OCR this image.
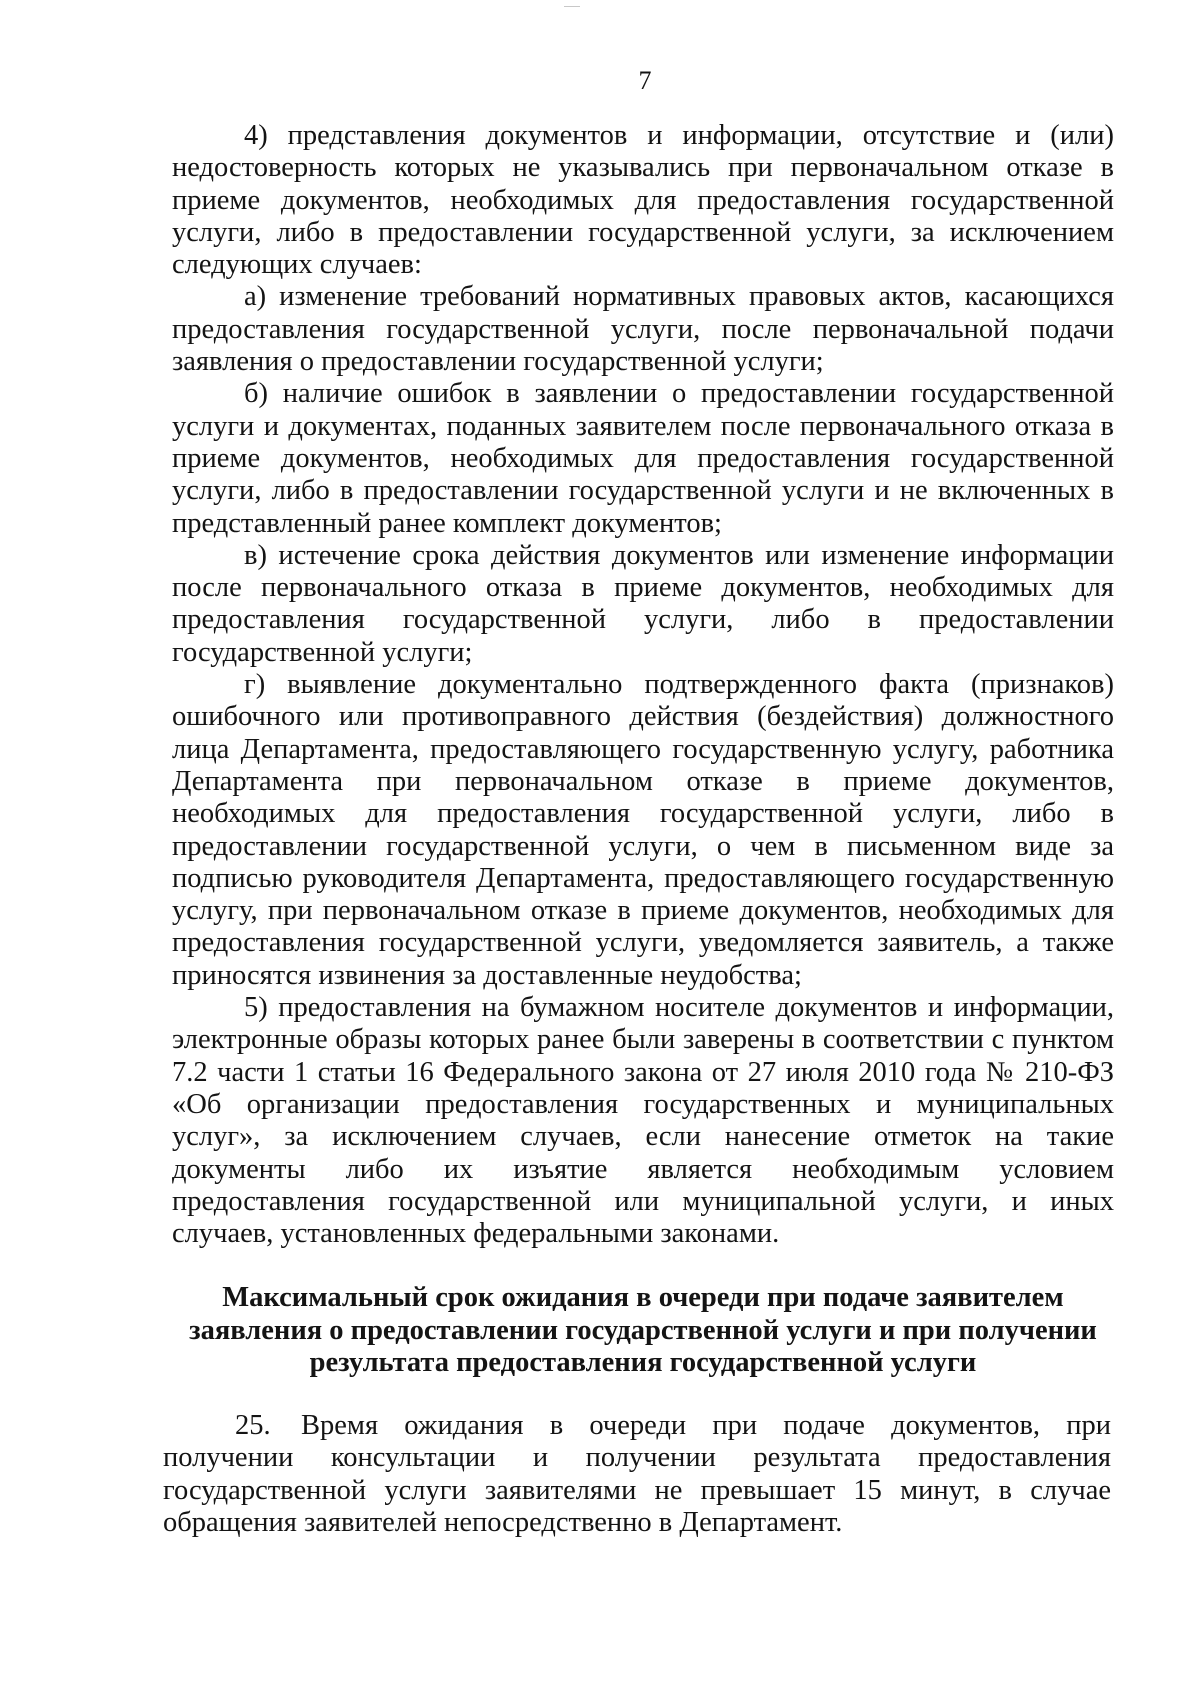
7

4) представления документов и информации, отсутствие и (или) недостоверность которых не указывались при первоначальном отказе в приеме документов, необходимых для предоставления государственной услуги, либо в предоставлении государственной услуги, за исключением следующих случаев:

а) изменение требований нормативных правовых актов, касающихся предоставления государственной услуги, после первоначальной подачи заявления о предоставлении государственной услуги;

б) наличие ошибок в заявлении о предоставлении государственной услуги и документах, поданных заявителем после первоначального отказа в приеме документов, необходимых для предоставления государственной услуги, либо в предоставлении государственной услуги и не включенных в представленный ранее комплект документов;

в) истечение срока действия документов или изменение информации после первоначального отказа в приеме документов, необходимых для предоставления государственной услуги, либо в предоставлении государственной услуги;

г) выявление документально подтвержденного факта (признаков) ошибочного или противоправного действия (бездействия) должностного лица Департамента, предоставляющего государственную услугу, работника Департамента при первоначальном отказе в приеме документов, необходимых для предоставления государственной услуги, либо в предоставлении государственной услуги, о чем в письменном виде за подписью руководителя Департамента, предоставляющего государственную услугу, при первоначальном отказе в приеме документов, необходимых для предоставления государственной услуги, уведомляется заявитель, а также приносятся извинения за доставленные неудобства;

5) предоставления на бумажном носителе документов и информации, электронные образы которых ранее были заверены в соответствии с пунктом 7.2 части 1 статьи 16 Федерального закона от 27 июля 2010 года № 210-ФЗ «Об организации предоставления государственных и муниципальных услуг», за исключением случаев, если нанесение отметок на такие документы либо их изъятие является необходимым условием предоставления государственной или муниципальной услуги, и иных случаев, установленных федеральными законами.

Максимальный срок ожидания в очереди при подаче заявителем заявления о предоставлении государственной услуги и при получении результата предоставления государственной услуги

25. Время ожидания в очереди при подаче документов, при получении консультации и получении результата предоставления государственной услуги заявителями не превышает 15 минут, в случае обращения заявителей непосредственно в Департамент.
